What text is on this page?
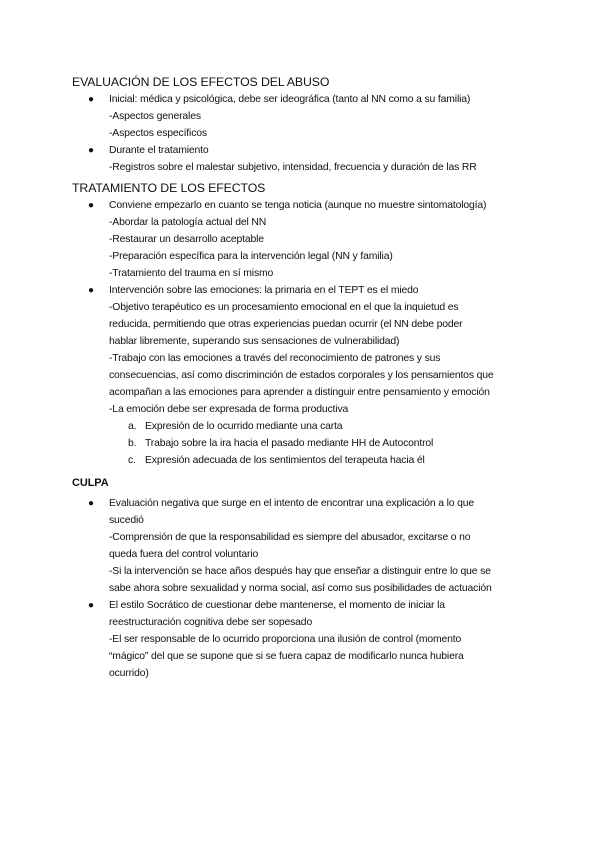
EVALUACIÓN DE LOS EFECTOS DEL ABUSO

● Inicial: médica y psicológica, debe ser ideográfica (tanto al NN como a su familia)

-Aspectos generales

-Aspectos específicos

● Durante el tratamiento

-Registros sobre el malestar subjetivo, intensidad, frecuencia y duración de las RR

TRATAMIENTO DE LOS EFECTOS

● Conviene empezarlo en cuanto se tenga noticia (aunque no muestre sintomatología)

-Abordar la patología actual del NN

-Restaurar un desarrollo aceptable

-Preparación específica para la intervención legal (NN y familia)

-Tratamiento del trauma en sí mismo

● Intervención sobre las emociones: la primaria en el TEPT es el miedo

-Objetivo terapéutico es un procesamiento emocional en el que la inquietud es

reducida, permitiendo que otras experiencias puedan ocurrir (el NN debe poder

hablar libremente, superando sus sensaciones de vulnerabilidad)

-Trabajo con las emociones a través del reconocimiento de patrones y sus

consecuencias, así como discriminción de estados corporales y los pensamientos que

acompañan a las emociones para aprender a distinguir entre pensamiento y emoción

-La emoción debe ser expresada de forma productiva

a. Expresión de lo ocurrido mediante una carta
b. Trabajo sobre la ira hacia el pasado mediante HH de Autocontrol
c. Expresión adecuada de los sentimientos del terapeuta hacia él

CULPA

● Evaluación negativa que surge en el intento de encontrar una explicación a lo que

sucedió

-Comprensión de que la responsabilidad es siempre del abusador, excitarse o no

queda fuera del control voluntario

-Si la intervención se hace años después hay que enseñar a distinguir entre lo que se

sabe ahora sobre sexualidad y norma social, así como sus posibilidades de actuación

● El estilo Socrático de cuestionar debe mantenerse, el momento de iniciar la

reestructuración cognitiva debe ser sopesado

-El ser responsable de lo ocurrido proporciona una ilusión de control (momento

“mágico” del que se supone que si se fuera capaz de modificarlo nunca hubiera

ocurrido)
